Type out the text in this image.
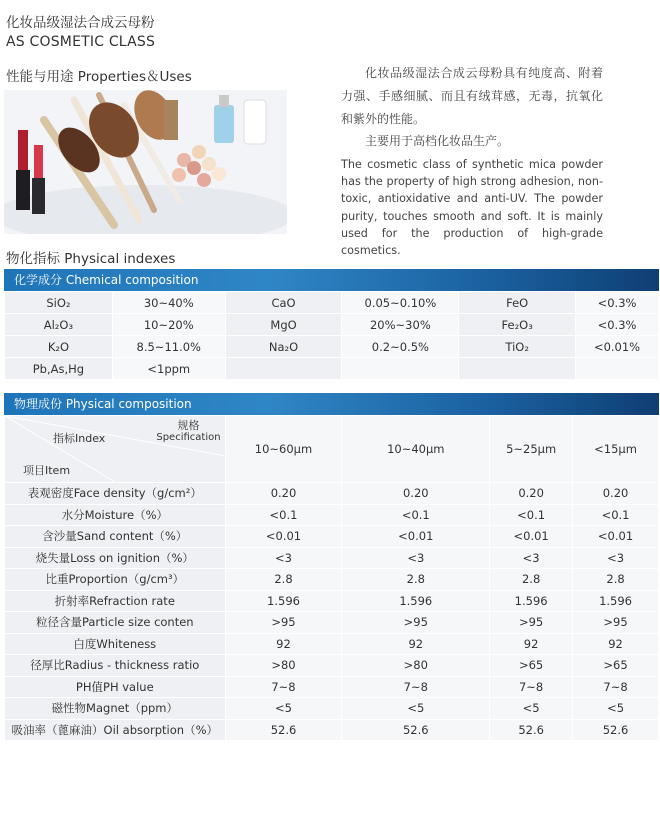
化妆品级湿法合成云母粉
AS COSMETIC CLASS
性能与用途 Properties＆Uses	化妆品级湿法合成云母粉具有纯度高、附着力强、手感细腻、而且有绒茸感，无毒，抗氧化和紫外的性能。
主要用于高档化妆品生产。
The cosmetic class of synthetic mica powder has the property of high strong adhesion, non-toxic, antioxidative and anti-UV. The powder purity, touches smooth and soft. It is mainly used for the production of high-grade cosmetics.
物化指标 Physical indexes
化学成分 Chemical composition
SiO₂	30~40%	CaO	0.05~0.10%	FeO	<0.3%
Al₂O₃	10~20%	MgO	20%~30%	Fe₂O₃	<0.3%
K₂O	8.5~11.0%	Na₂O	0.2~0.5%	TiO₂	<0.01%
Pb,As,Hg	<1ppm				
物理成份 Physical composition
规格
Specification
指标Index
项目Item	10~60μm	10~40μm	5~25μm	<15μm
表观密度Face density（g/cm²）	0.20	0.20	0.20	0.20
水分Moisture（%）	<0.1	<0.1	<0.1	<0.1
含沙量Sand content（%）	<0.01	<0.01	<0.01	<0.01
烧失量Loss on ignition（%）	<3	<3	<3	<3
比重Proportion（g/cm³）	2.8	2.8	2.8	2.8
折射率Refraction rate	1.596	1.596	1.596	1.596
粒径含量Particle size conten	>95	>95	>95	>95
白度Whiteness	92	92	92	92
径厚比Radius - thickness ratio	>80	>80	>65	>65
PH值PH value	7~8	7~8	7~8	7~8
磁性物Magnet（ppm）	<5	<5	<5	<5
吸油率（蓖麻油）Oil absorption（%）	52.6	52.6	52.6	52.6
